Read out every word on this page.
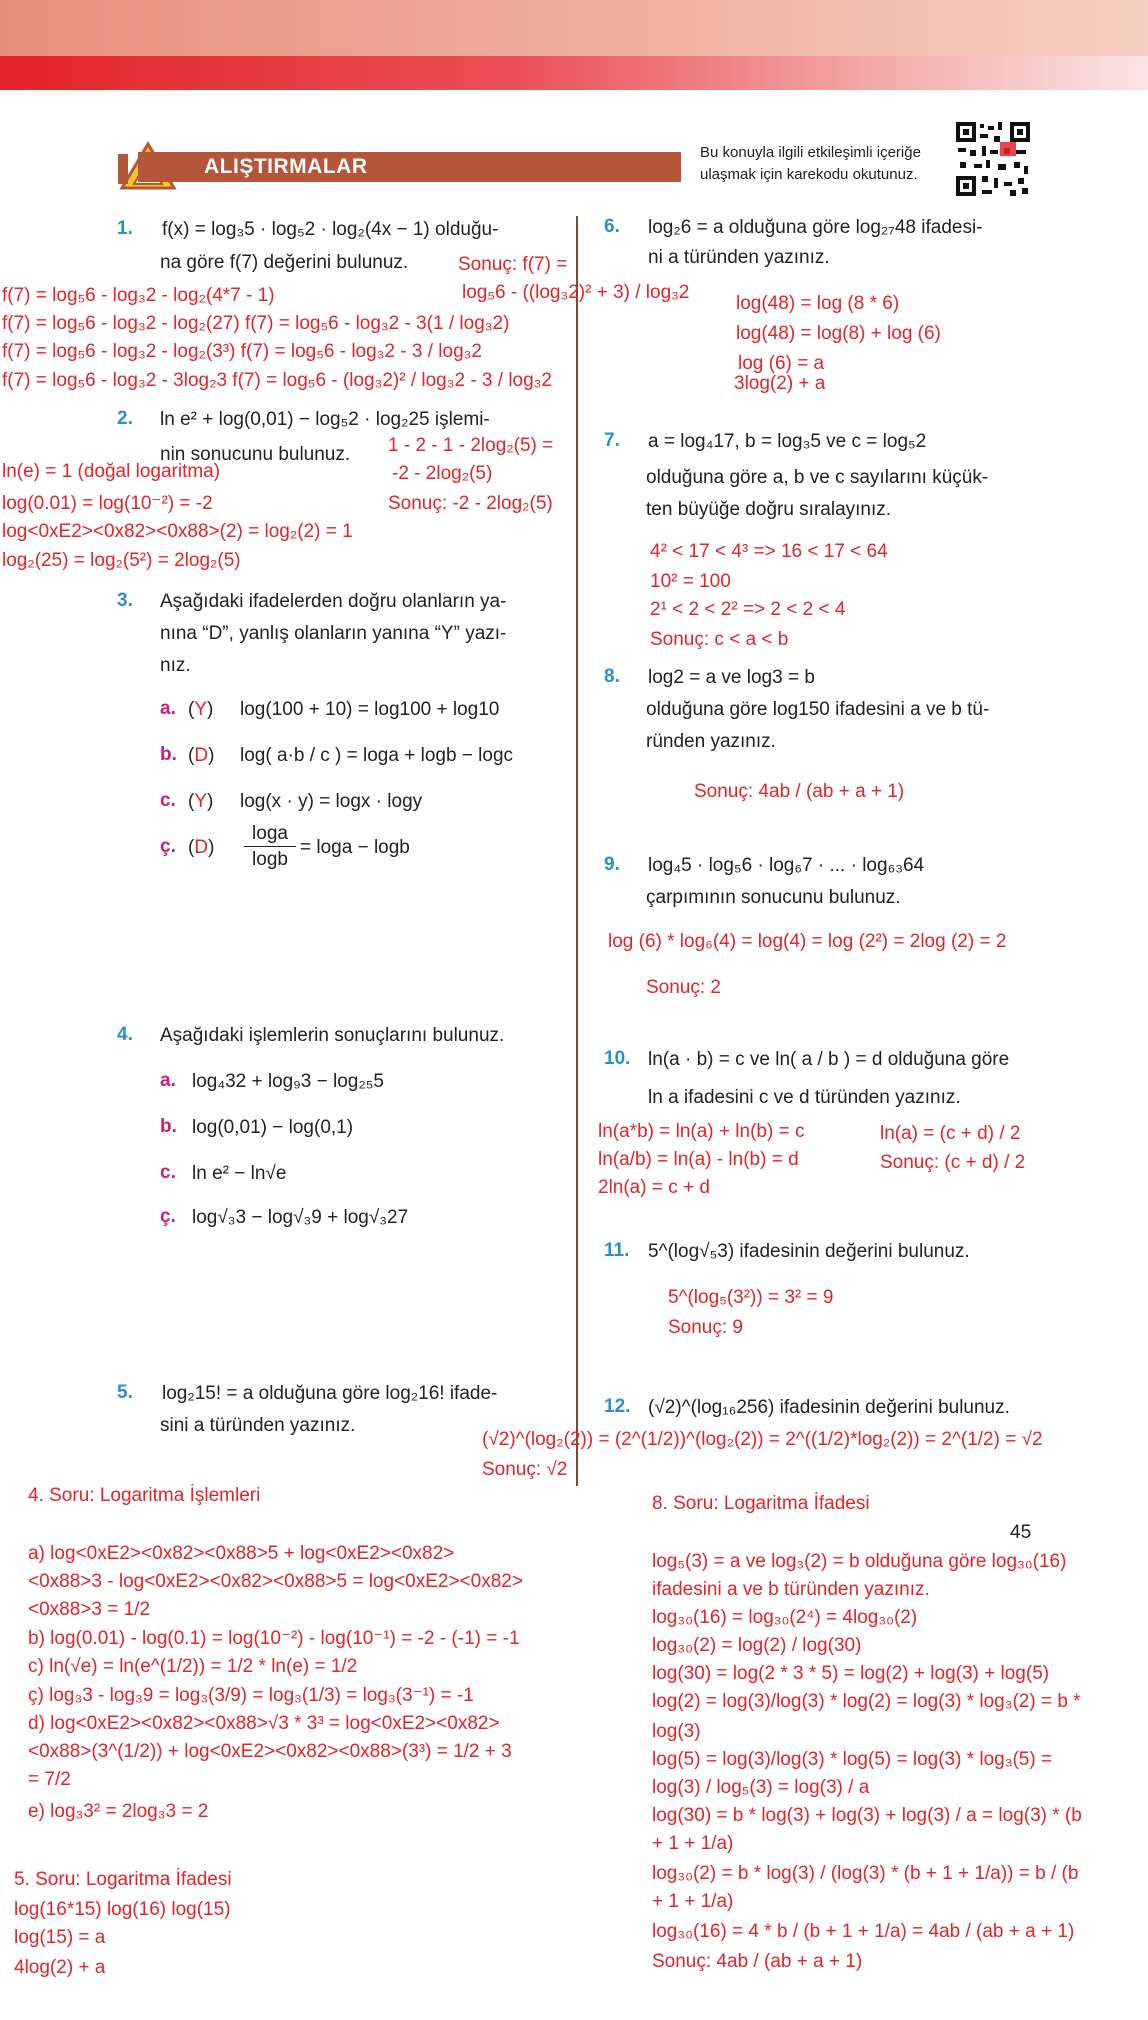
ALIŞTIRMALAR
Bu konuyla ilgili etkileşimli içeriğe
ulaşmak için karekodu okutunuz.
1. f(x) = log₃5 · log₅2 · log₂(4x − 1) olduğu-
na göre f(7) değerini bulunuz.	Sonuç: f(7) =
log₅6 - ((log₃2)² + 3) / log₃2
f(7) = log₅6 - log₃2 - log₂(4*7 - 1)
f(7) = log₅6 - log₃2 - log₂(27) f(7) = log₅6 - log₃2 - 3(1 / log₃2)
f(7) = log₅6 - log₃2 - log₂(3³) f(7) = log₅6 - log₃2 - 3 / log₃2
f(7) = log₅6 - log₃2 - 3log₂3 f(7) = log₅6 - (log₃2)² / log₃2 - 3 / log₃2
2. ln e² + log(0,01) − log₅2 · log₂25 işlemi-
nin sonucunu bulunuz. 1 - 2 - 1 - 2log₂(5) =
ln(e) = 1 (doğal logaritma)	-2 - 2log₂(5)
log(0.01) = log(10⁻²) = -2	Sonuç: -2 - 2log₂(5)
log<0xE2><0x82><0x88>(2) = log₂(2) = 1
log₂(25) = log₂(5²) = 2log₂(5)
3. Aşağıdaki ifadelerden doğru olanların ya-
nına “D”, yanlış olanların yanına “Y” yazı-
nız.
a. (Y) log(100 + 10) = log100 + log10
b. (D) log( a·b / c ) = loga + logb − logc
c. (Y) log(x · y) = logx · logy
ç. (D)
loga
logb
= loga − logb
4. Aşağıdaki işlemlerin sonuçlarını bulunuz.
a. log₄32 + log₉3 − log₂₅5
b. log(0,01) − log(0,1)
c. ln e² − ln√e
ç. log√₃3 − log√₃9 + log√₃27
5. log₂15! = a olduğuna göre log₂16! ifade-
sini a türünden yazınız.
6. log₂6 = a olduğuna göre log₂₇48 ifadesi-
ni a türünden yazınız.
log(48) = log (8 * 6)
log(48) = log(8) + log (6)
log (6) = a
3log(2) + a
7. a = log₄17, b = log₃5 ve c = log₅2
olduğuna göre a, b ve c sayılarını küçük-
ten büyüğe doğru sıralayınız.
4² < 17 < 4³ => 16 < 17 < 64
10² = 100
2¹ < 2 < 2² => 2 < 2 < 4
Sonuç: c < a < b
8. log2 = a ve log3 = b
olduğuna göre log150 ifadesini a ve b tü-
ründen yazınız.
Sonuç: 4ab / (ab + a + 1)
9. log₄5 · log₅6 · log₆7 · ... · log₆₃64
çarpımının sonucunu bulunuz.
log (6) * log₆(4) = log(4) = log (2²) = 2log (2) = 2
Sonuç: 2
10. ln(a · b) = c ve ln( a / b ) = d olduğuna göre
ln a ifadesini c ve d türünden yazınız.
ln(a*b) = ln(a) + ln(b) = c	ln(a) = (c + d) / 2
ln(a/b) = ln(a) - ln(b) = d	Sonuç: (c + d) / 2
2ln(a) = c + d
11. 5^(log√₅3) ifadesinin değerini bulunuz.
5^(log₅(3²)) = 3² = 9
Sonuç: 9
12. (√2)^(log₁₆256) ifadesinin değerini bulunuz.
(√2)^(log₂(2)) = (2^(1/2))^(log₂(2)) = 2^((1/2)*log₂(2)) = 2^(1/2) = √2
Sonuç: √2
4. Soru: Logaritma İşlemleri
a) log<0xE2><0x82><0x88>5 + log<0xE2><0x82>
<0x88>3 - log<0xE2><0x82><0x88>5 = log<0xE2><0x82>
<0x88>3 = 1/2
b) log(0.01) - log(0.1) = log(10⁻²) - log(10⁻¹) = -2 - (-1) = -1
c) ln(√e) = ln(e^(1/2)) = 1/2 * ln(e) = 1/2
ç) log₃3 - log₃9 = log₃(3/9) = log₃(1/3) = log₃(3⁻¹) = -1
d) log<0xE2><0x82><0x88>√3 * 3³ = log<0xE2><0x82>
<0x88>(3^(1/2)) + log<0xE2><0x82><0x88>(3³) = 1/2 + 3
= 7/2
e) log₃3² = 2log₃3 = 2
5. Soru: Logaritma İfadesi
log(16*15) log(16) log(15)
log(15) = a
4log(2) + a
45
8. Soru: Logaritma İfadesi
log₅(3) = a ve log₃(2) = b olduğuna göre log₃₀(16)
ifadesini a ve b türünden yazınız.
log₃₀(16) = log₃₀(2⁴) = 4log₃₀(2)
log₃₀(2) = log(2) / log(30)
log(30) = log(2 * 3 * 5) = log(2) + log(3) + log(5)
log(2) = log(3)/log(3) * log(2) = log(3) * log₃(2) = b *
log(3)
log(5) = log(3)/log(3) * log(5) = log(3) * log₃(5) =
log(3) / log₅(3) = log(3) / a
log(30) = b * log(3) + log(3) + log(3) / a = log(3) * (b
+ 1 + 1/a)
log₃₀(2) = b * log(3) / (log(3) * (b + 1 + 1/a)) = b / (b
+ 1 + 1/a)
log₃₀(16) = 4 * b / (b + 1 + 1/a) = 4ab / (ab + a + 1)
Sonuç: 4ab / (ab + a + 1)
